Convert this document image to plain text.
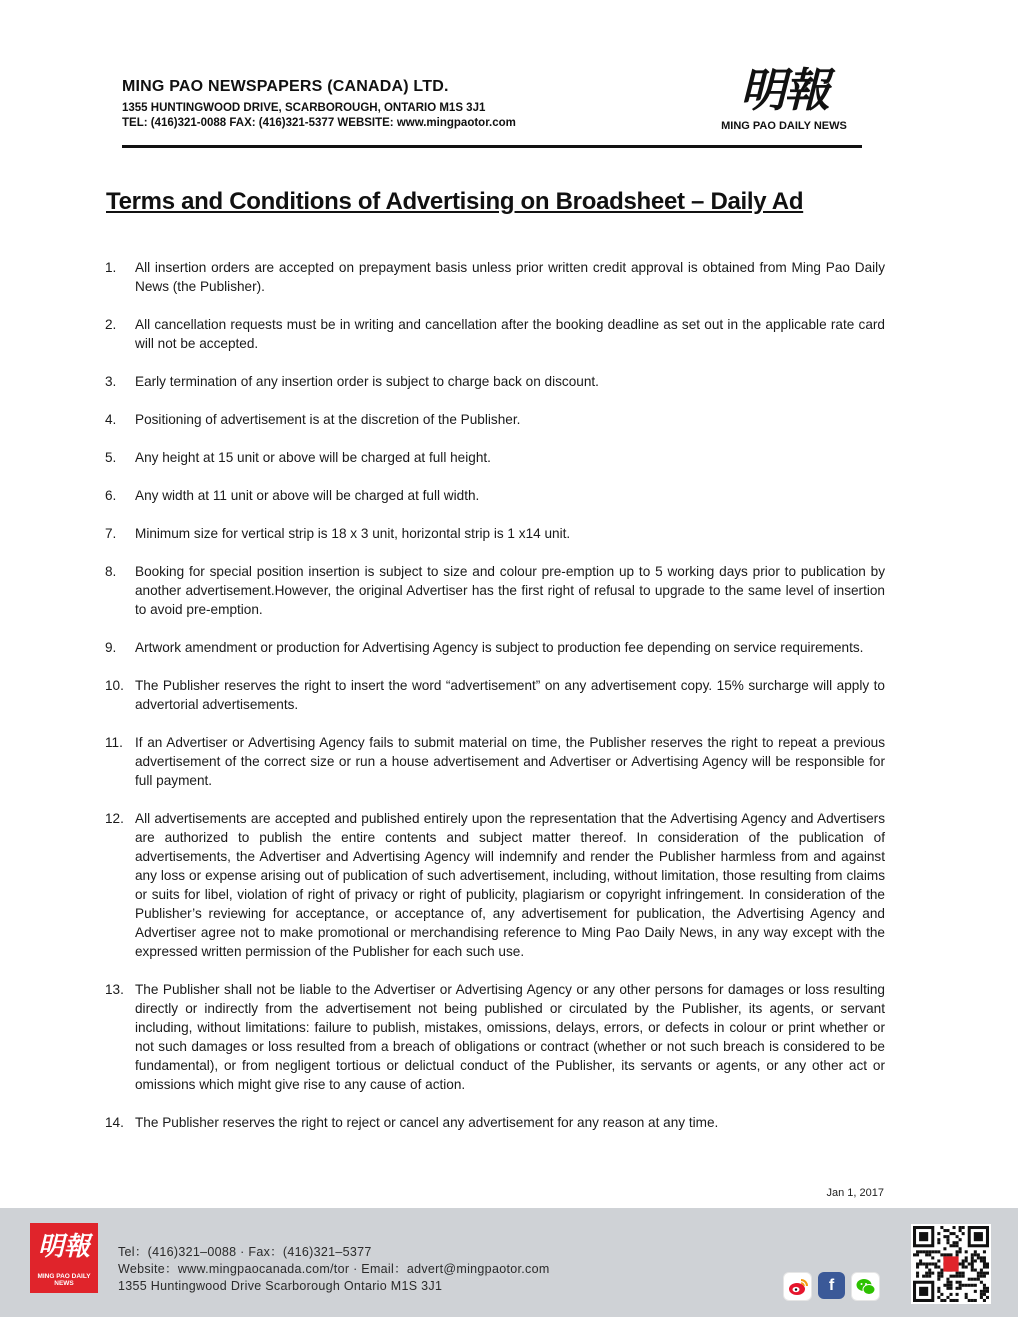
MING PAO NEWSPAPERS (CANADA) LTD.
1355 HUNTINGWOOD DRIVE, SCARBOROUGH, ONTARIO M1S 3J1
TEL: (416)321-0088 FAX: (416)321-5377 WEBSITE: www.mingpaotor.com
明報
MING PAO DAILY NEWS
Terms and Conditions of Advertising on Broadsheet – Daily Ad
1.	All insertion orders are accepted on prepayment basis unless prior written credit approval is obtained from Ming Pao Daily News (the Publisher).
2.	All cancellation requests must be in writing and cancellation after the booking deadline as set out in the applicable rate card will not be accepted.
3.	Early termination of any insertion order is subject to charge back on discount.
4.	Positioning of advertisement is at the discretion of the Publisher.
5.	Any height at 15 unit or above will be charged at full height.
6.	Any width at 11 unit or above will be charged at full width.
7.	Minimum size for vertical strip is 18 x 3 unit, horizontal strip is 1 x14 unit.
8.	Booking for special position insertion is subject to size and colour pre-emption up to 5 working days prior to publication by another advertisement.However, the original Advertiser has the first right of refusal to upgrade to the same level of insertion to avoid pre-emption.
9.	Artwork amendment or production for Advertising Agency is subject to production fee depending on service requirements.
10. The Publisher reserves the right to insert the word “advertisement” on any advertisement copy. 15% surcharge will apply to advertorial advertisements.
11. If an Advertiser or Advertising Agency fails to submit material on time, the Publisher reserves the right to repeat a previous advertisement of the correct size or run a house advertisement and Advertiser or Advertising Agency will be responsible for full payment.
12. All advertisements are accepted and published entirely upon the representation that the Advertising Agency and Advertisers are authorized to publish the entire contents and subject matter thereof. In consideration of the publication of advertisements, the Advertiser and Advertising Agency will indemnify and render the Publisher harmless from and against any loss or expense arising out of publication of such advertisement, including, without limitation, those resulting from claims or suits for libel, violation of right of privacy or right of publicity, plagiarism or copyright infringement. In consideration of the Publisher’s reviewing for acceptance, or acceptance of, any advertisement for publication, the Advertising Agency and Advertiser agree not to make promotional or merchandising reference to Ming Pao Daily News, in any way except with the expressed written permission of the Publisher for each such use.
13. The Publisher shall not be liable to the Advertiser or Advertising Agency or any other persons for damages or loss resulting directly or indirectly from the advertisement not being published or circulated by the Publisher, its agents, or servant including, without limitations: failure to publish, mistakes, omissions, delays, errors, or defects in colour or print whether or not such damages or loss resulted from a breach of obligations or contract (whether or not such breach is considered to be fundamental), or from negligent tortious or delictual conduct of the Publisher, its servants or agents, or any other act or omissions which might give rise to any cause of action.
14. The Publisher reserves the right to reject or cancel any advertisement for any reason at any time.
Jan 1, 2017
明報
MING PAO DAILY NEWS
Tel：(416)321–0088 · Fax：(416)321–5377
Website：www.mingpaocanada.com/tor · Email：advert@mingpaotor.com
1355 Huntingwood Drive Scarborough Ontario M1S 3J1	f
